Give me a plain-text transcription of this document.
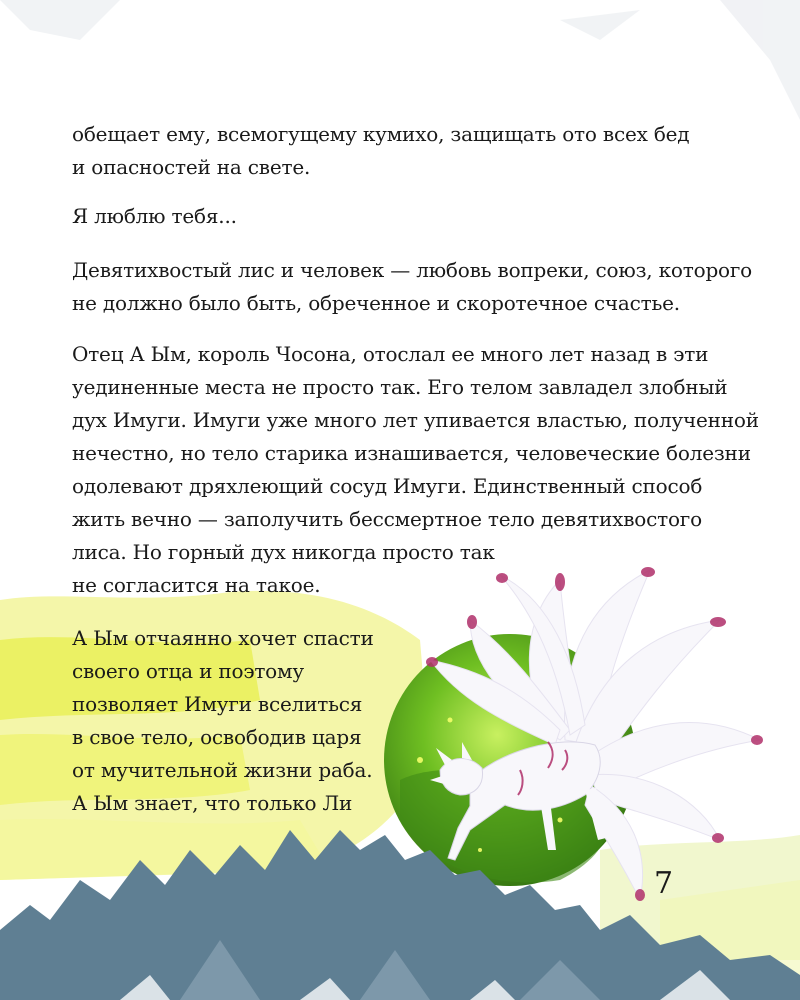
обещает ему, всемогущему кумихо, защищать ото всех бед
и опасностей на свете.

Я люблю тебя...

Девятихвостый лис и человек — любовь вопреки, союз, которого
не должно было быть, обреченное и скоротечное счастье.

Отец А Ым, король Чосона, отослал ее много лет назад в эти
уединенные места не просто так. Его телом завладел злобный
дух Имуги. Имуги уже много лет упивается властью, полученной
нечестно, но тело старика изнашивается, человеческие болезни
одолевают дряхлеющий сосуд Имуги. Единственный способ
жить вечно — заполучить бессмертное тело девятихвостого
лиса. Но горный дух никогда просто так
не согласится на такое.

А Ым отчаянно хочет спасти
своего отца и поэтому
позволяет Имуги вселиться
в свое тело, освободив царя
от мучительной жизни раба.
А Ым знает, что только Ли

7
